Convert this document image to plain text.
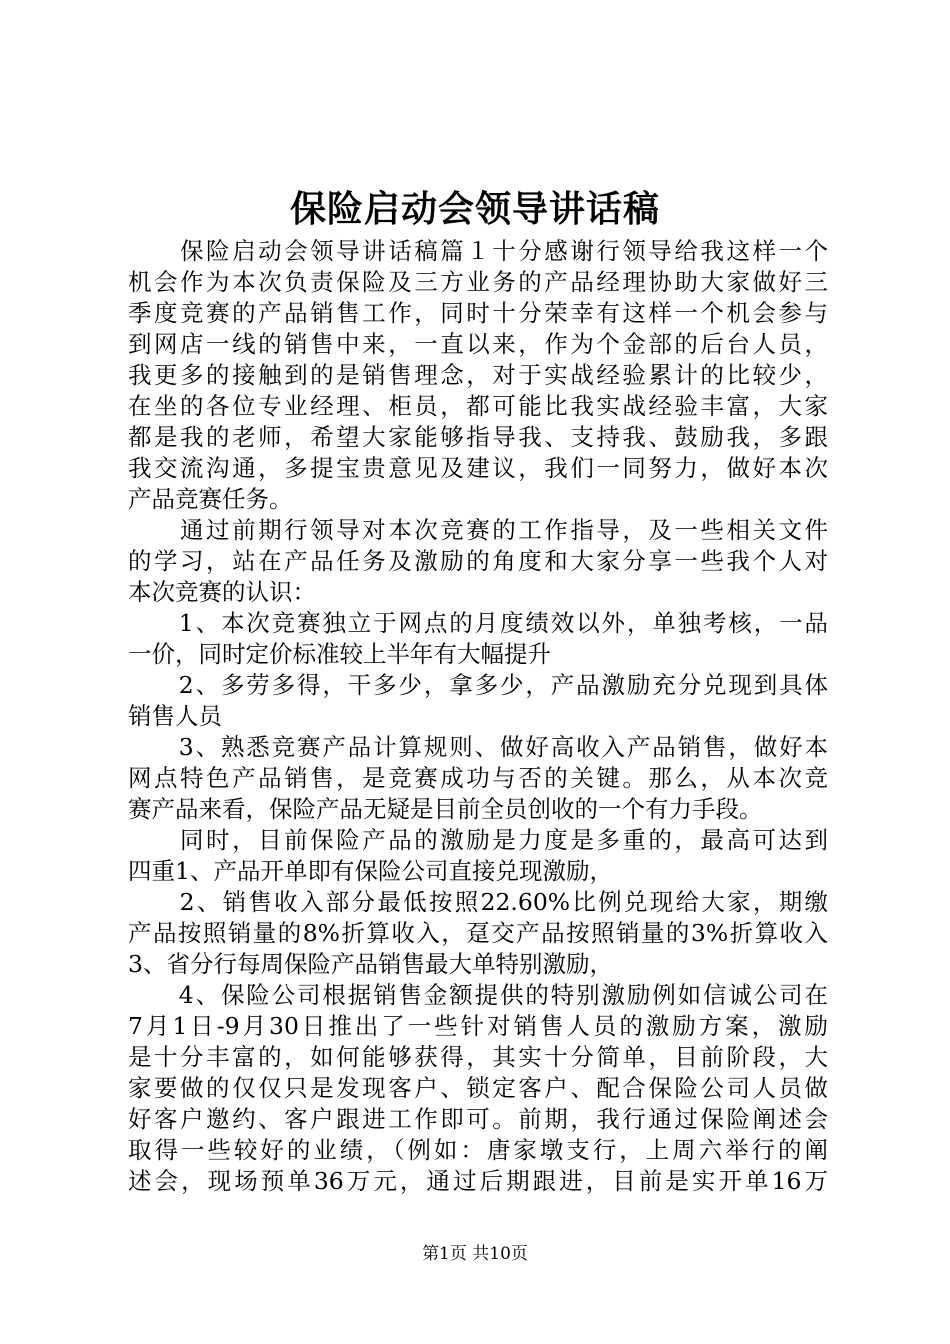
保险启动会领导讲话稿
　　保险启动会领导讲话稿篇１十分感谢行领导给我这样一个
机会作为本次负责保险及三方业务的产品经理协助大家做好三
季度竞赛的产品销售工作，同时十分荣幸有这样一个机会参与
到网店一线的销售中来，一直以来，作为个金部的后台人员，
我更多的接触到的是销售理念，对于实战经验累计的比较少，
在坐的各位专业经理、柜员，都可能比我实战经验丰富，大家
都是我的老师，希望大家能够指导我、支持我、鼓励我，多跟
我交流沟通，多提宝贵意见及建议，我们一同努力，做好本次
产品竞赛任务。
　　通过前期行领导对本次竞赛的工作指导，及一些相关文件
的学习，站在产品任务及激励的角度和大家分享一些我个人对
本次竞赛的认识：
　　1、本次竞赛独立于网点的月度绩效以外，单独考核，一品
一价，同时定价标准较上半年有大幅提升
　　2、多劳多得，干多少，拿多少，产品激励充分兑现到具体
销售人员
　　3、熟悉竞赛产品计算规则、做好高收入产品销售，做好本
网点特色产品销售，是竞赛成功与否的关键。那么，从本次竞
赛产品来看，保险产品无疑是目前全员创收的一个有力手段。
　　同时，目前保险产品的激励是力度是多重的，最高可达到
四重1、产品开单即有保险公司直接兑现激励，
　　2、销售收入部分最低按照22.60%比例兑现给大家，期缴
产品按照销量的8%折算收入，趸交产品按照销量的3%折算收入
3、省分行每周保险产品销售最大单特别激励，
　　4、保险公司根据销售金额提供的特别激励例如信诚公司在
7月1日-9月30日推出了一些针对销售人员的激励方案，激励
是十分丰富的，如何能够获得，其实十分简单，目前阶段，大
家要做的仅仅只是发现客户、锁定客户、配合保险公司人员做
好客户邀约、客户跟进工作即可。前期，我行通过保险阐述会
取得一些较好的业绩，（例如：唐家墩支行，上周六举行的阐
述会，现场预单36万元，通过后期跟进，目前是实开单16万
第1页 共10页
